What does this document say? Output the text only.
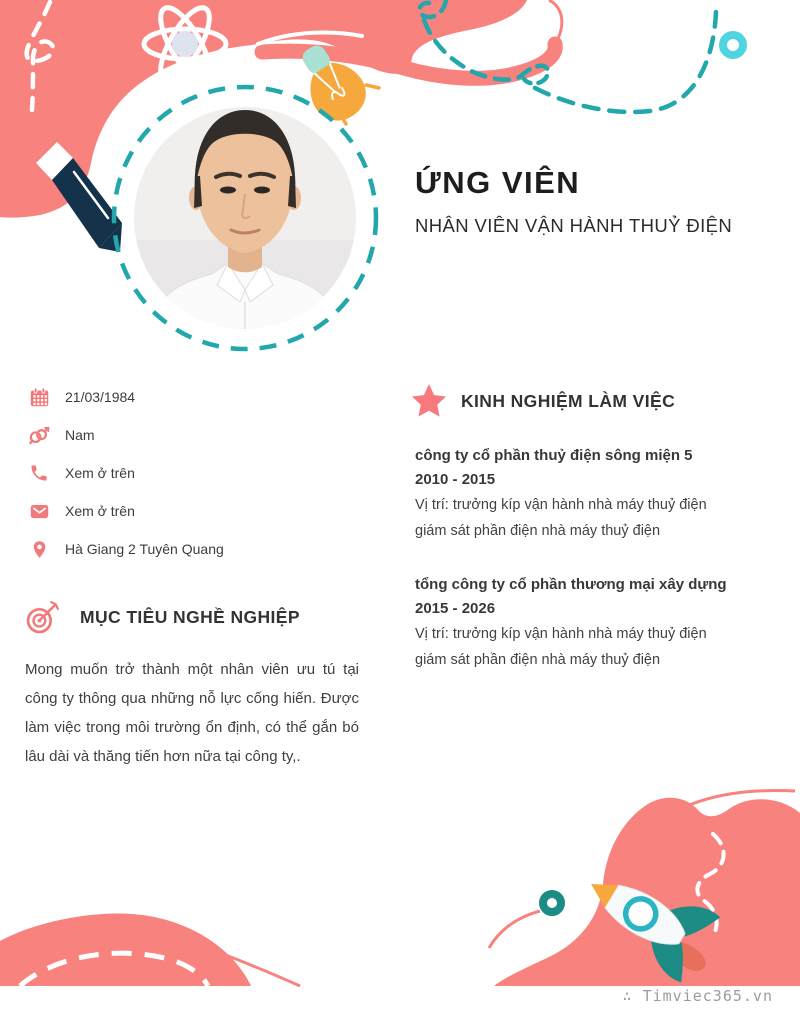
ỨNG VIÊN
NHÂN VIÊN VẬN HÀNH THUỶ ĐIỆN
21/03/1984
Nam
Xem ở trên
Xem ở trên
Hà Giang 2 Tuyên Quang
MỤC TIÊU NGHỀ NGHIỆP

Mong muốn trở thành một nhân viên ưu tú tại công ty thông qua những nỗ lực cống hiến. Được làm việc trong môi trường ổn định, có thể gắn bó lâu dài và thăng tiến hơn nữa tại công ty,.

KINH NGHIỆM LÀM VIỆC
công ty cổ phần thuỷ điện sông miện 5
2010 - 2015
Vị trí: trưởng kíp vận hành nhà máy thuỷ điện
giám sát phần điện nhà máy thuỷ điện
tổng công ty cổ phần thương mại xây dựng
2015 - 2026
Vị trí: trưởng kíp vận hành nhà máy thuỷ điện
giám sát phần điện nhà máy thuỷ điện
∴ Timviec365.vn
